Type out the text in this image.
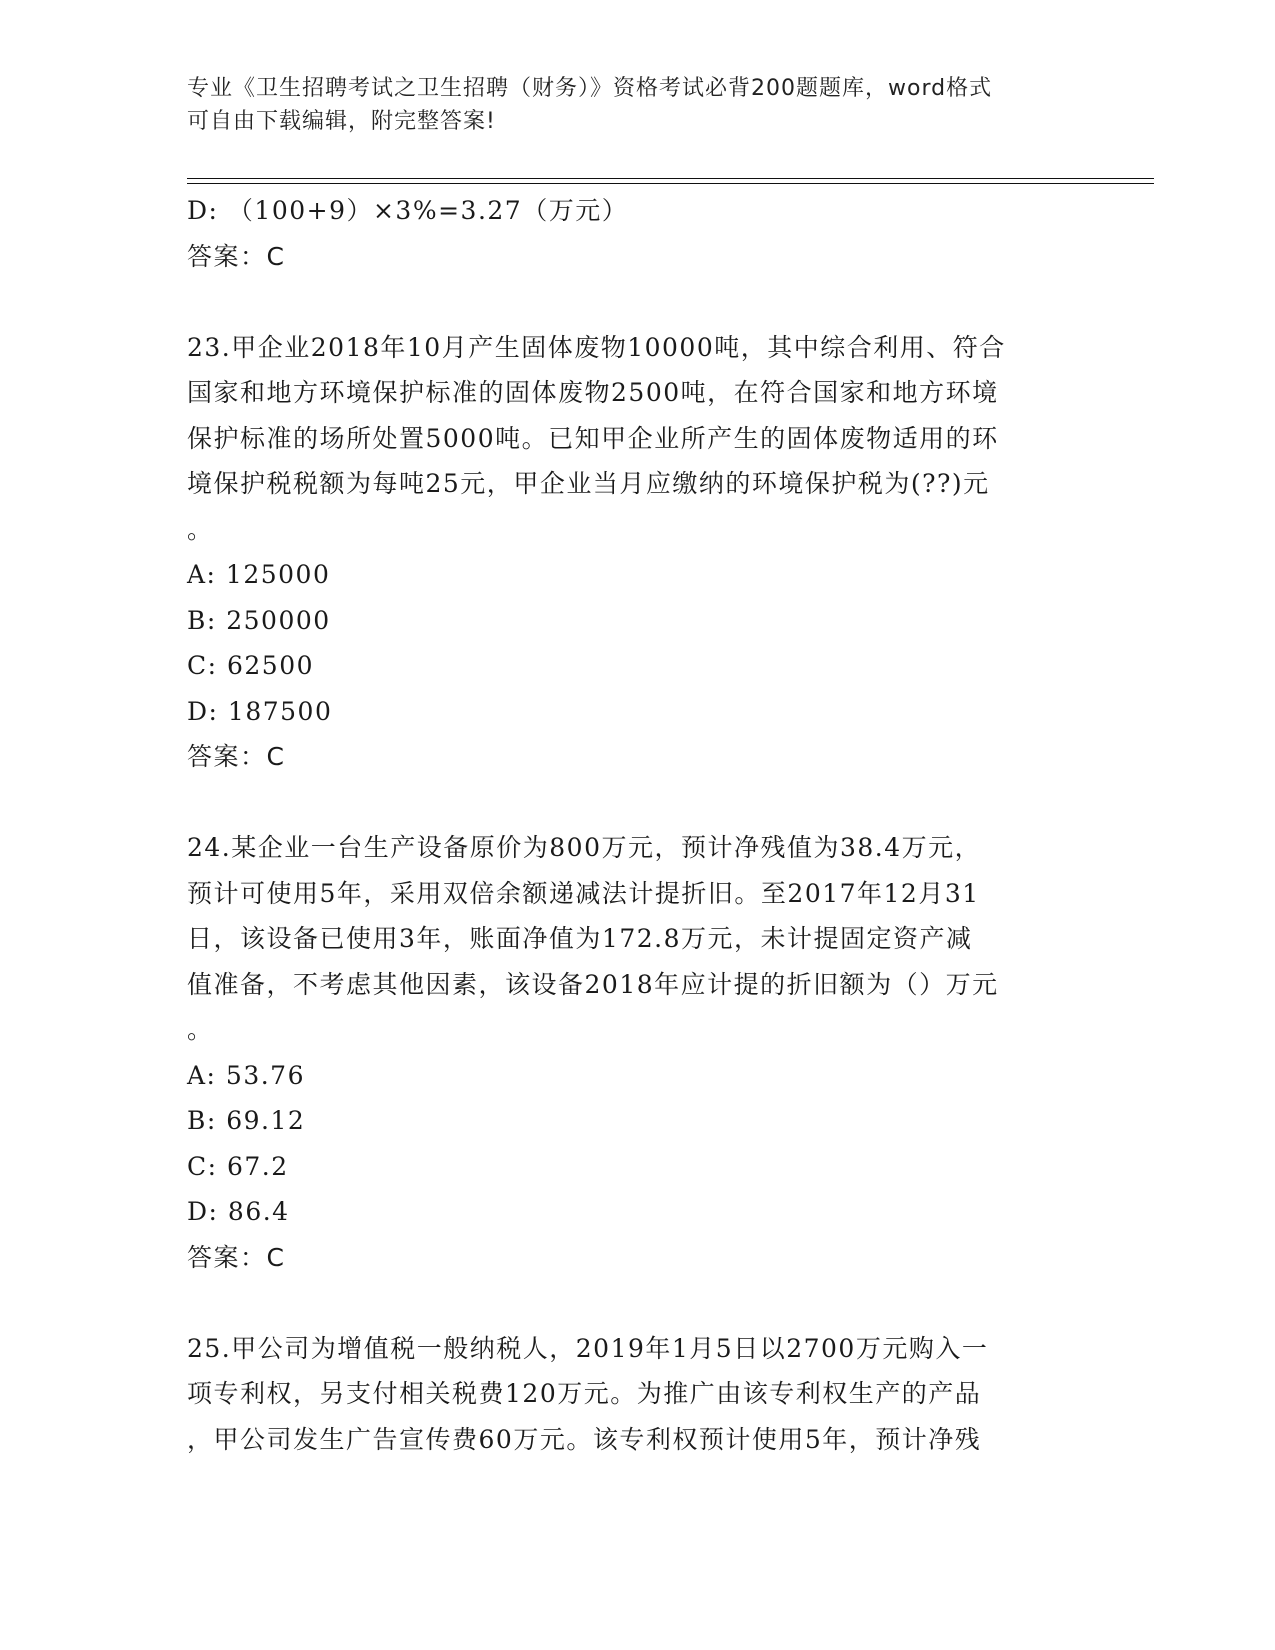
专业《卫生招聘考试之卫生招聘（财务）》资格考试必背200题题库，word格式
可自由下载编辑，附完整答案!
D: （100+9）×3%=3.27（万元）
答案：C
23.甲企业2018年10月产生固体废物10000吨，其中综合利用、符合
国家和地方环境保护标准的固体废物2500吨，在符合国家和地方环境
保护标准的场所处置5000吨。已知甲企业所产生的固体废物适用的环
境保护税税额为每吨25元，甲企业当月应缴纳的环境保护税为(??)元
。
A: 125000
B: 250000
C: 62500
D: 187500
答案：C
24.某企业一台生产设备原价为800万元，预计净残值为38.4万元，
预计可使用5年，采用双倍余额递减法计提折旧。至2017年12月31
日，该设备已使用3年，账面净值为172.8万元，未计提固定资产减
值准备，不考虑其他因素，该设备2018年应计提的折旧额为（）万元
。
A: 53.76
B: 69.12
C: 67.2
D: 86.4
答案：C
25.甲公司为增值税一般纳税人，2019年1月5日以2700万元购入一
项专利权，另支付相关税费120万元。为推广由该专利权生产的产品
，甲公司发生广告宣传费60万元。该专利权预计使用5年，预计净残
